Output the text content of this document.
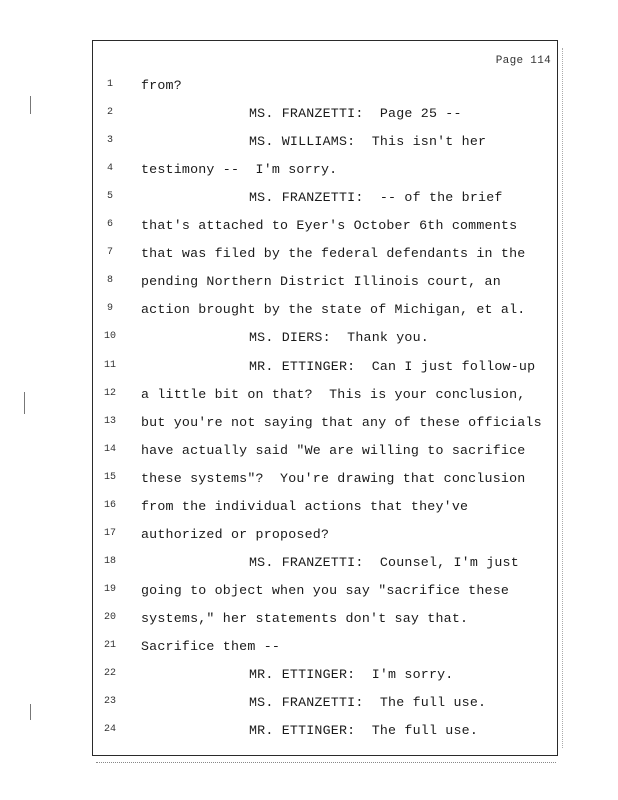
Page 114
1	from?
2	MS. FRANZETTI:  Page 25 --
3	MS. WILLIAMS:  This isn't her
4	testimony --  I'm sorry.
5	MS. FRANZETTI:  -- of the brief
6	that's attached to Eyer's October 6th comments
7	that was filed by the federal defendants in the
8	pending Northern District Illinois court, an
9	action brought by the state of Michigan, et al.
10	MS. DIERS:  Thank you.
11	MR. ETTINGER:  Can I just follow-up
12 a little bit on that?  This is your conclusion,
13 but you're not saying that any of these officials
14 have actually said "We are willing to sacrifice
15 these systems"?  You're drawing that conclusion
16 from the individual actions that they've
17 authorized or proposed?
18	MS. FRANZETTI:  Counsel, I'm just
19 going to object when you say "sacrifice these
20 systems," her statements don't say that.
21 Sacrifice them --
22	MR. ETTINGER:  I'm sorry.
23	MS. FRANZETTI:  The full use.
24	MR. ETTINGER:  The full use.
